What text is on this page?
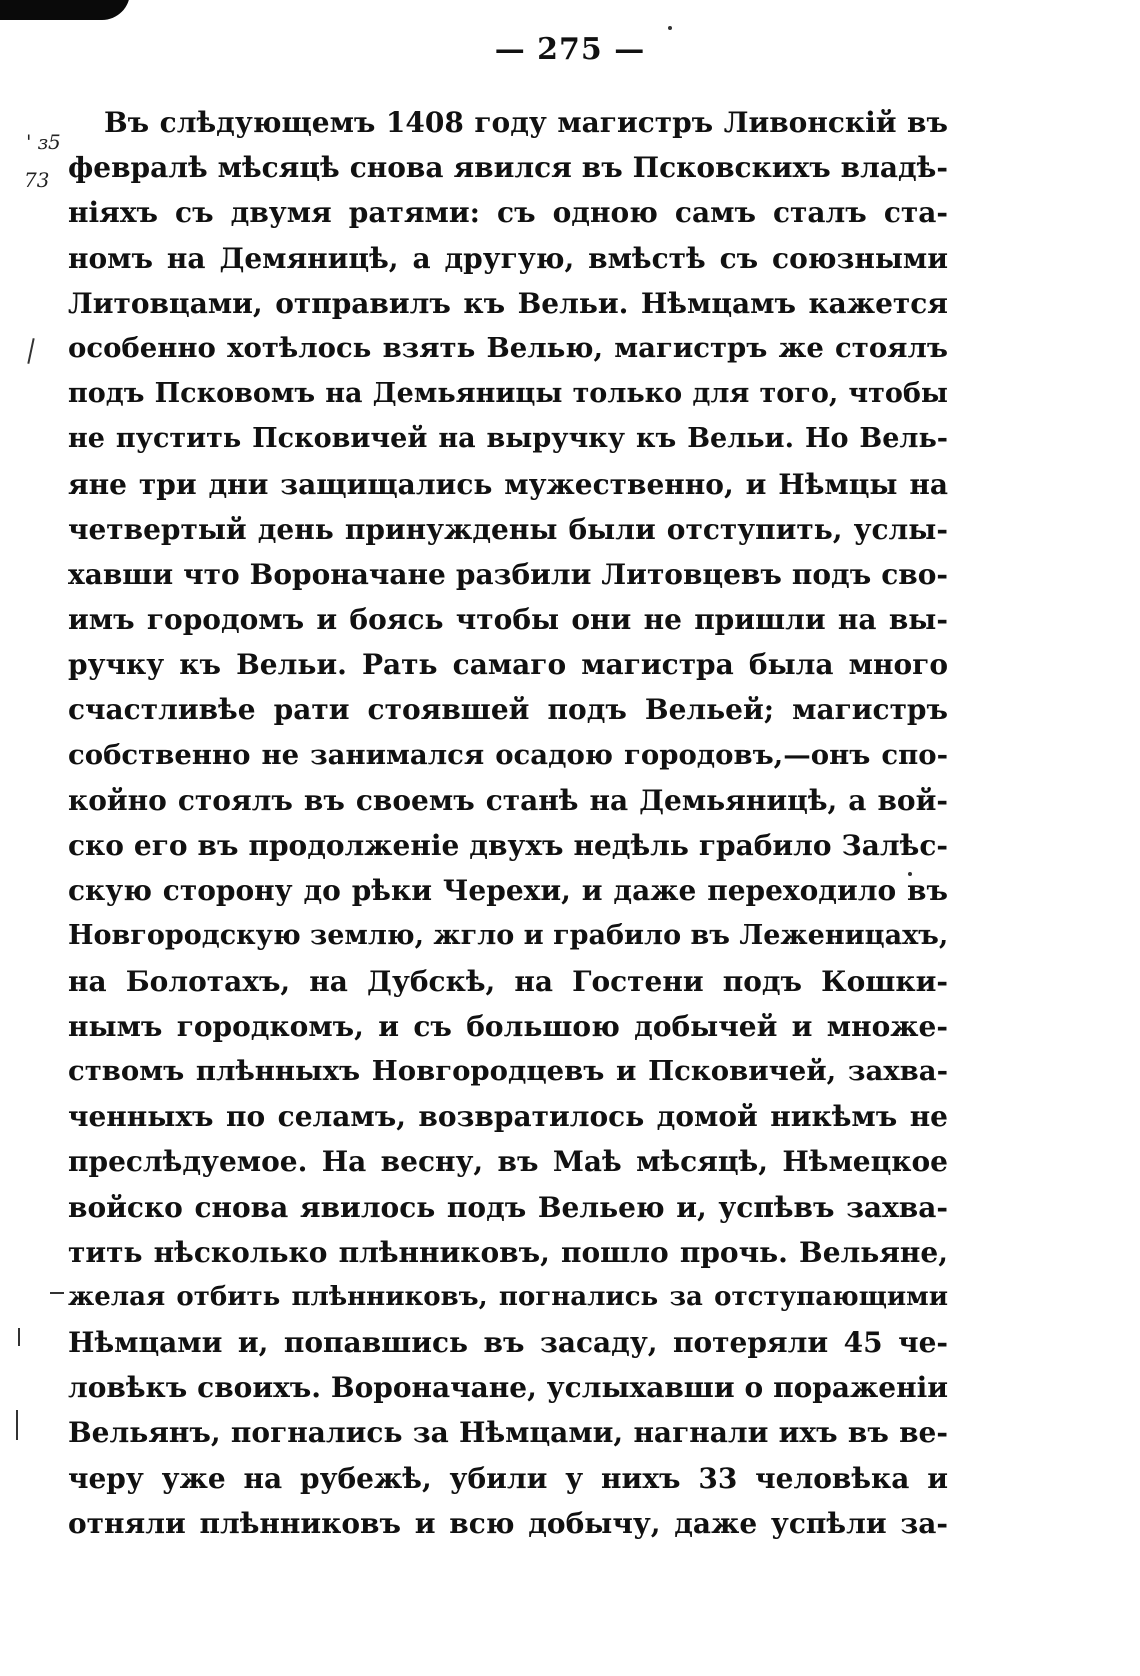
— 275 —
' ɜ5
73
Въ слѣдующемъ 1408 году магистръ Ливонскій въ
февралѣ мѣсяцѣ снова явился въ Псковскихъ владѣ-
ніяхъ съ двумя ратями: съ одною самъ сталъ ста-
номъ на Демяницѣ, а другую, вмѣстѣ съ союзными
Литовцами, отправилъ къ Вельи. Нѣмцамъ кажется
особенно хотѣлось взять Велью, магистръ же стоялъ
подъ Псковомъ на Демьяницы только для того, чтобы
не пустить Псковичей на выручку къ Вельи. Но Вель-
яне три дни защищались мужественно, и Нѣмцы на
четвертый день принуждены были отступить, услы-
хавши что Вороначане разбили Литовцевъ подъ сво-
имъ городомъ и боясь чтобы они не пришли на вы-
ручку къ Вельи. Рать самаго магистра была много
счастливѣе рати стоявшей подъ Вельей; магистръ
собственно не занимался осадою городовъ,—онъ спо-
койно стоялъ въ своемъ станѣ на Демьяницѣ, а вой-
ско его въ продолженіе двухъ недѣль грабило Залѣс-
скую сторону до рѣки Черехи, и даже переходило въ
Новгородскую землю, жгло и грабило въ Леженицахъ,
на Болотахъ, на Дубскѣ, на Гостени подъ Кошки-
нымъ городкомъ, и съ большою добычей и множе-
ствомъ плѣнныхъ Новгородцевъ и Псковичей, захва-
ченныхъ по селамъ, возвратилось домой никѣмъ не
преслѣдуемое. На весну, въ Маѣ мѣсяцѣ, Нѣмецкое
войско снова явилось подъ Вельею и, успѣвъ захва-
тить нѣсколько плѣнниковъ, пошло прочь. Вельяне,
желая отбить плѣнниковъ, погнались за отступающими
Нѣмцами и, попавшись въ засаду, потеряли 45 че-
ловѣкъ своихъ. Вороначане, услыхавши о пораженіи
Вельянъ, погнались за Нѣмцами, нагнали ихъ въ ве-
черу уже на рубежѣ, убили у нихъ 33 человѣка и
отняли плѣнниковъ и всю добычу, даже успѣли за-
